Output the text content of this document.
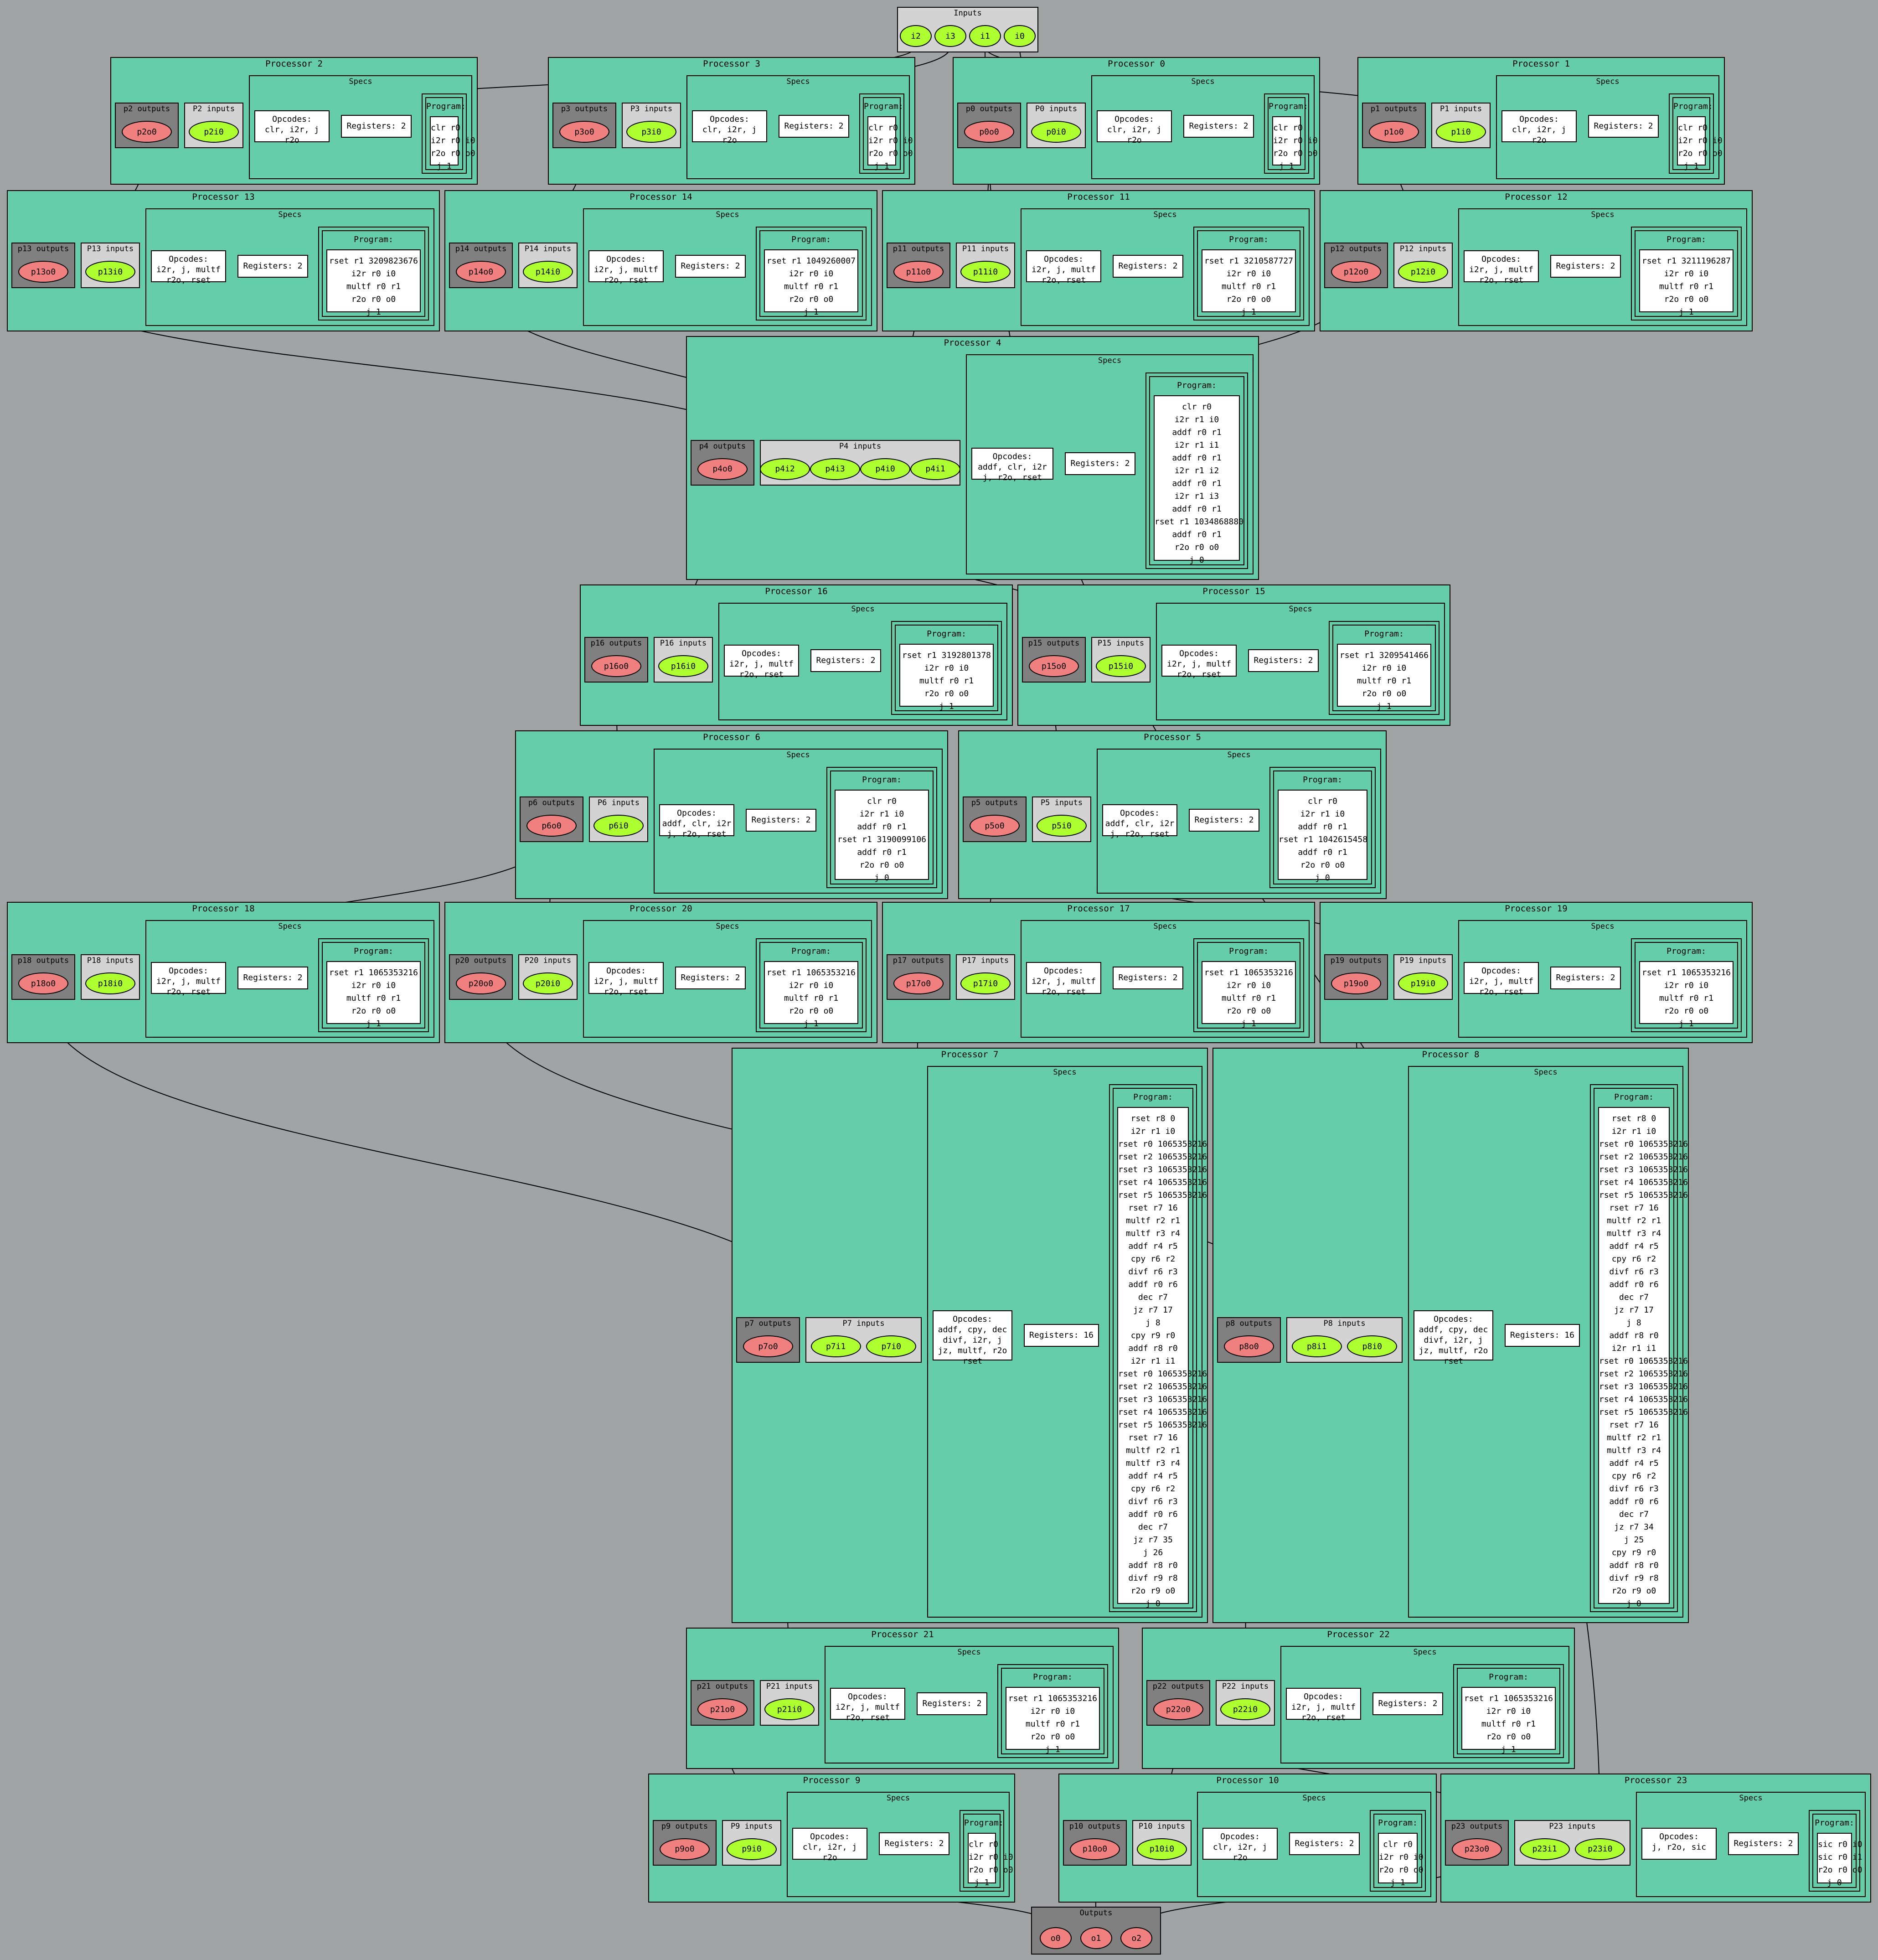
Inputs
i2	i3	i1	i0
Outputs
o0	o1	o2
Processor 2
p2 outputs
p2o0
P2 inputs
p2i0
Specs
Opcodes:
clr, i2r, j
r2o
Registers: 2
Program:
clr r0
i2r r0
r2o r0
j 1
Processor 3
p3 outputs
p3o0
P3 inputs
p3i0
Specs
Opcodes:
clr, i2r, j
r2o
Registers: 2
Program:
clr r0
i2r r0
r2o r0
j 1
Processor 0
p0 outputs
p0o0
P0 inputs
p0i0
Specs
Opcodes:
clr, i2r, j
r2o
Registers: 2
Program:
clr r0
i2r r0
r2o r0
j 1
Processor 1
p1 outputs
p1o0
P1 inputs
p1i0
Specs
Opcodes:
clr, i2r, j
r2o
Registers: 2
Program:
clr r0
i2r r0
r2o r0
j 1
Processor 13
p13 outputs
p13o0
P13 inputs
p13i0
Specs
Opcodes:
i2r, j, multf
r2o, rset
Registers: 2
Program:
rset r1 3209823676
i2r r0 i0
multf r0 r1
r2o r0 o0
j 1
Processor 14
p14 outputs
p14o0
P14 inputs
p14i0
Specs
Opcodes:
i2r, j, multf
r2o, rset
Registers: 2
Program:
rset r1 1049260007
i2r r0 i0
multf r0 r1
r2o r0 o0
j 1
Processor 11
p11 outputs
p11o0
P11 inputs
p11i0
Specs
Opcodes:
i2r, j, multf
r2o, rset
Registers: 2
Program:
rset r1 3210587727
i2r r0 i0
multf r0 r1
r2o r0 o0
j 1
Processor 12
p12 outputs
p12o0
P12 inputs
p12i0
Specs
Opcodes:
i2r, j, multf
r2o, rset
Registers: 2
Program:
rset r1 3211196287
i2r r0 i0
multf r0 r1
r2o r0 o0
j 1
Processor 4
p4 outputs
p4o0
P4 inputs
p4i2	p4i3	p4i0	p4i1
Specs
Opcodes:
addf, clr, i2r
j, r2o, rset
Registers: 2
Program:
clr r0
i2r r1 i0
addf r0 r1
i2r r1 i1
addf r0 r1
i2r r1 i2
addf r0 r1
i2r r1 i3
addf r0 r1
rset r1 1034868880
addf r0 r1
r2o r0 o0
j 0
Processor 16
p16 outputs
p16o0
P16 inputs
p16i0
Specs
Opcodes:
i2r, j, multf
r2o, rset
Registers: 2
Program:
rset r1 3192801378
i2r r0 i0
multf r0 r1
r2o r0 o0
j 1
Processor 15
p15 outputs
p15o0
P15 inputs
p15i0
Specs
Opcodes:
i2r, j, multf
r2o, rset
Registers: 2
Program:
rset r1 3209541466
i2r r0 i0
multf r0 r1
r2o r0 o0
j 1
Processor 6
p6 outputs
p6o0
P6 inputs
p6i0
Specs
Opcodes:
addf, clr, i2r
j, r2o, rset
Registers: 2
Program:
clr r0
i2r r1 i0
addf r0 r1
rset r1 3190099106
addf r0 r1
r2o r0 o0
j 0
Processor 5
p5 outputs
p5o0
P5 inputs
p5i0
Specs
Opcodes:
addf, clr, i2r
j, r2o, rset
Registers: 2
Program:
clr r0
i2r r1 i0
addf r0 r1
rset r1 1042615458
addf r0 r1
r2o r0 o0
j 0
Processor 18
p18 outputs
p18o0
P18 inputs
p18i0
Specs
Opcodes:
i2r, j, multf
r2o, rset
Registers: 2
Program:
rset r1 1065353216
i2r r0 i0
multf r0 r1
r2o r0 o0
j 1
Processor 20
p20 outputs
p20o0
P20 inputs
p20i0
Specs
Opcodes:
i2r, j, multf
r2o, rset
Registers: 2
Program:
rset r1 1065353216
i2r r0 i0
multf r0 r1
r2o r0 o0
j 1
Processor 17
p17 outputs
p17o0
P17 inputs
p17i0
Specs
Opcodes:
i2r, j, multf
r2o, rset
Registers: 2
Program:
rset r1 1065353216
i2r r0 i0
multf r0 r1
r2o r0 o0
j 1
Processor 19
p19 outputs
p19o0
P19 inputs
p19i0
Specs
Opcodes:
i2r, j, multf
r2o, rset
Registers: 2
Program:
rset r1 1065353216
i2r r0 i0
multf r0 r1
r2o r0 o0
j 1
Processor 7
p7 outputs
p7o0
P7 inputs
p7i1	p7i0
Specs
Opcodes:
addf, cpy, dec
divf, i2r, j
jz, multf, r2o
rset
Registers: 16
Program:
rset r8 0
i2r r1 i0
rset r0 1065353216
rset r2 1065353216
rset r3 1065353216
rset r4 1065353216
rset r5 1065353216
rset r7 16
multf r2 r1
multf r3 r4
addf r4 r5
cpy r6 r2
divf r6 r3
addf r0 r6
dec r7
jz r7 17
j 8
cpy r9 r0
addf r8 r0
i2r r1 i1
rset r0 1065353216
rset r2 1065353216
rset r3 1065353216
rset r4 1065353216
rset r5 1065353216
rset r7 16
multf r2 r1
multf r3 r4
addf r4 r5
cpy r6 r2
divf r6 r3
addf r0 r6
dec r7
jz r7 35
j 26
addf r8 r0
divf r9 r8
r2o r9 o0
j 0
Processor 8
p8 outputs
p8o0
P8 inputs
p8i1	p8i0
Specs
Opcodes:
addf, cpy, dec
divf, i2r, j
jz, multf, r2o
rset
Registers: 16
Program:
rset r8 0
i2r r1 i0
rset r0 1065353216
rset r2 1065353216
rset r3 1065353216
rset r4 1065353216
rset r5 1065353216
rset r7 16
multf r2 r1
multf r3 r4
addf r4 r5
cpy r6 r2
divf r6 r3
addf r0 r6
dec r7
jz r7 17
j 8
addf r8 r0
i2r r1 i1
rset r0 1065353216
rset r2 1065353216
rset r3 1065353216
rset r4 1065353216
rset r5 1065353216
rset r7 16
multf r2 r1
multf r3 r4
addf r4 r5
cpy r6 r2
divf r6 r3
addf r0 r6
dec r7
jz r7 34
j 25
cpy r9 r0
addf r8 r0
divf r9 r8
r2o r9 o0
j 0
Processor 21
p21 outputs
p21o0
P21 inputs
p21i0
Specs
Opcodes:
i2r, j, multf
r2o, rset
Registers: 2
Program:
rset r1 1065353216
i2r r0 i0
multf r0 r1
r2o r0 o0
j 1
Processor 22
p22 outputs
p22o0
P22 inputs
p22i0
Specs
Opcodes:
i2r, j, multf
r2o, rset
Registers: 2
Program:
rset r1 1065353216
i2r r0 i0
multf r0 r1
r2o r0 o0
j 1
Processor 9
p9 outputs
p9o0
P9 inputs
p9i0
Specs
Opcodes:
clr, i2r, j
r2o
Registers: 2
Program:
clr r0
i2r r0
r2o r0
j 1
Processor 10
p10 outputs
p10o0
P10 inputs
p10i0
Specs
Opcodes:
clr, i2r, j
r2o
Registers: 2
Program:
clr r0
i2r r0 i0
r2o r0 o0
j 1
Processor 23
p23 outputs
p23o0
P23 inputs
p23i1	p23i0
Specs
Opcodes:
j, r2o, sic	Registers: 2
Program:
sic r0 i0
sic r0 i1
r2o r0 o0
j 0
